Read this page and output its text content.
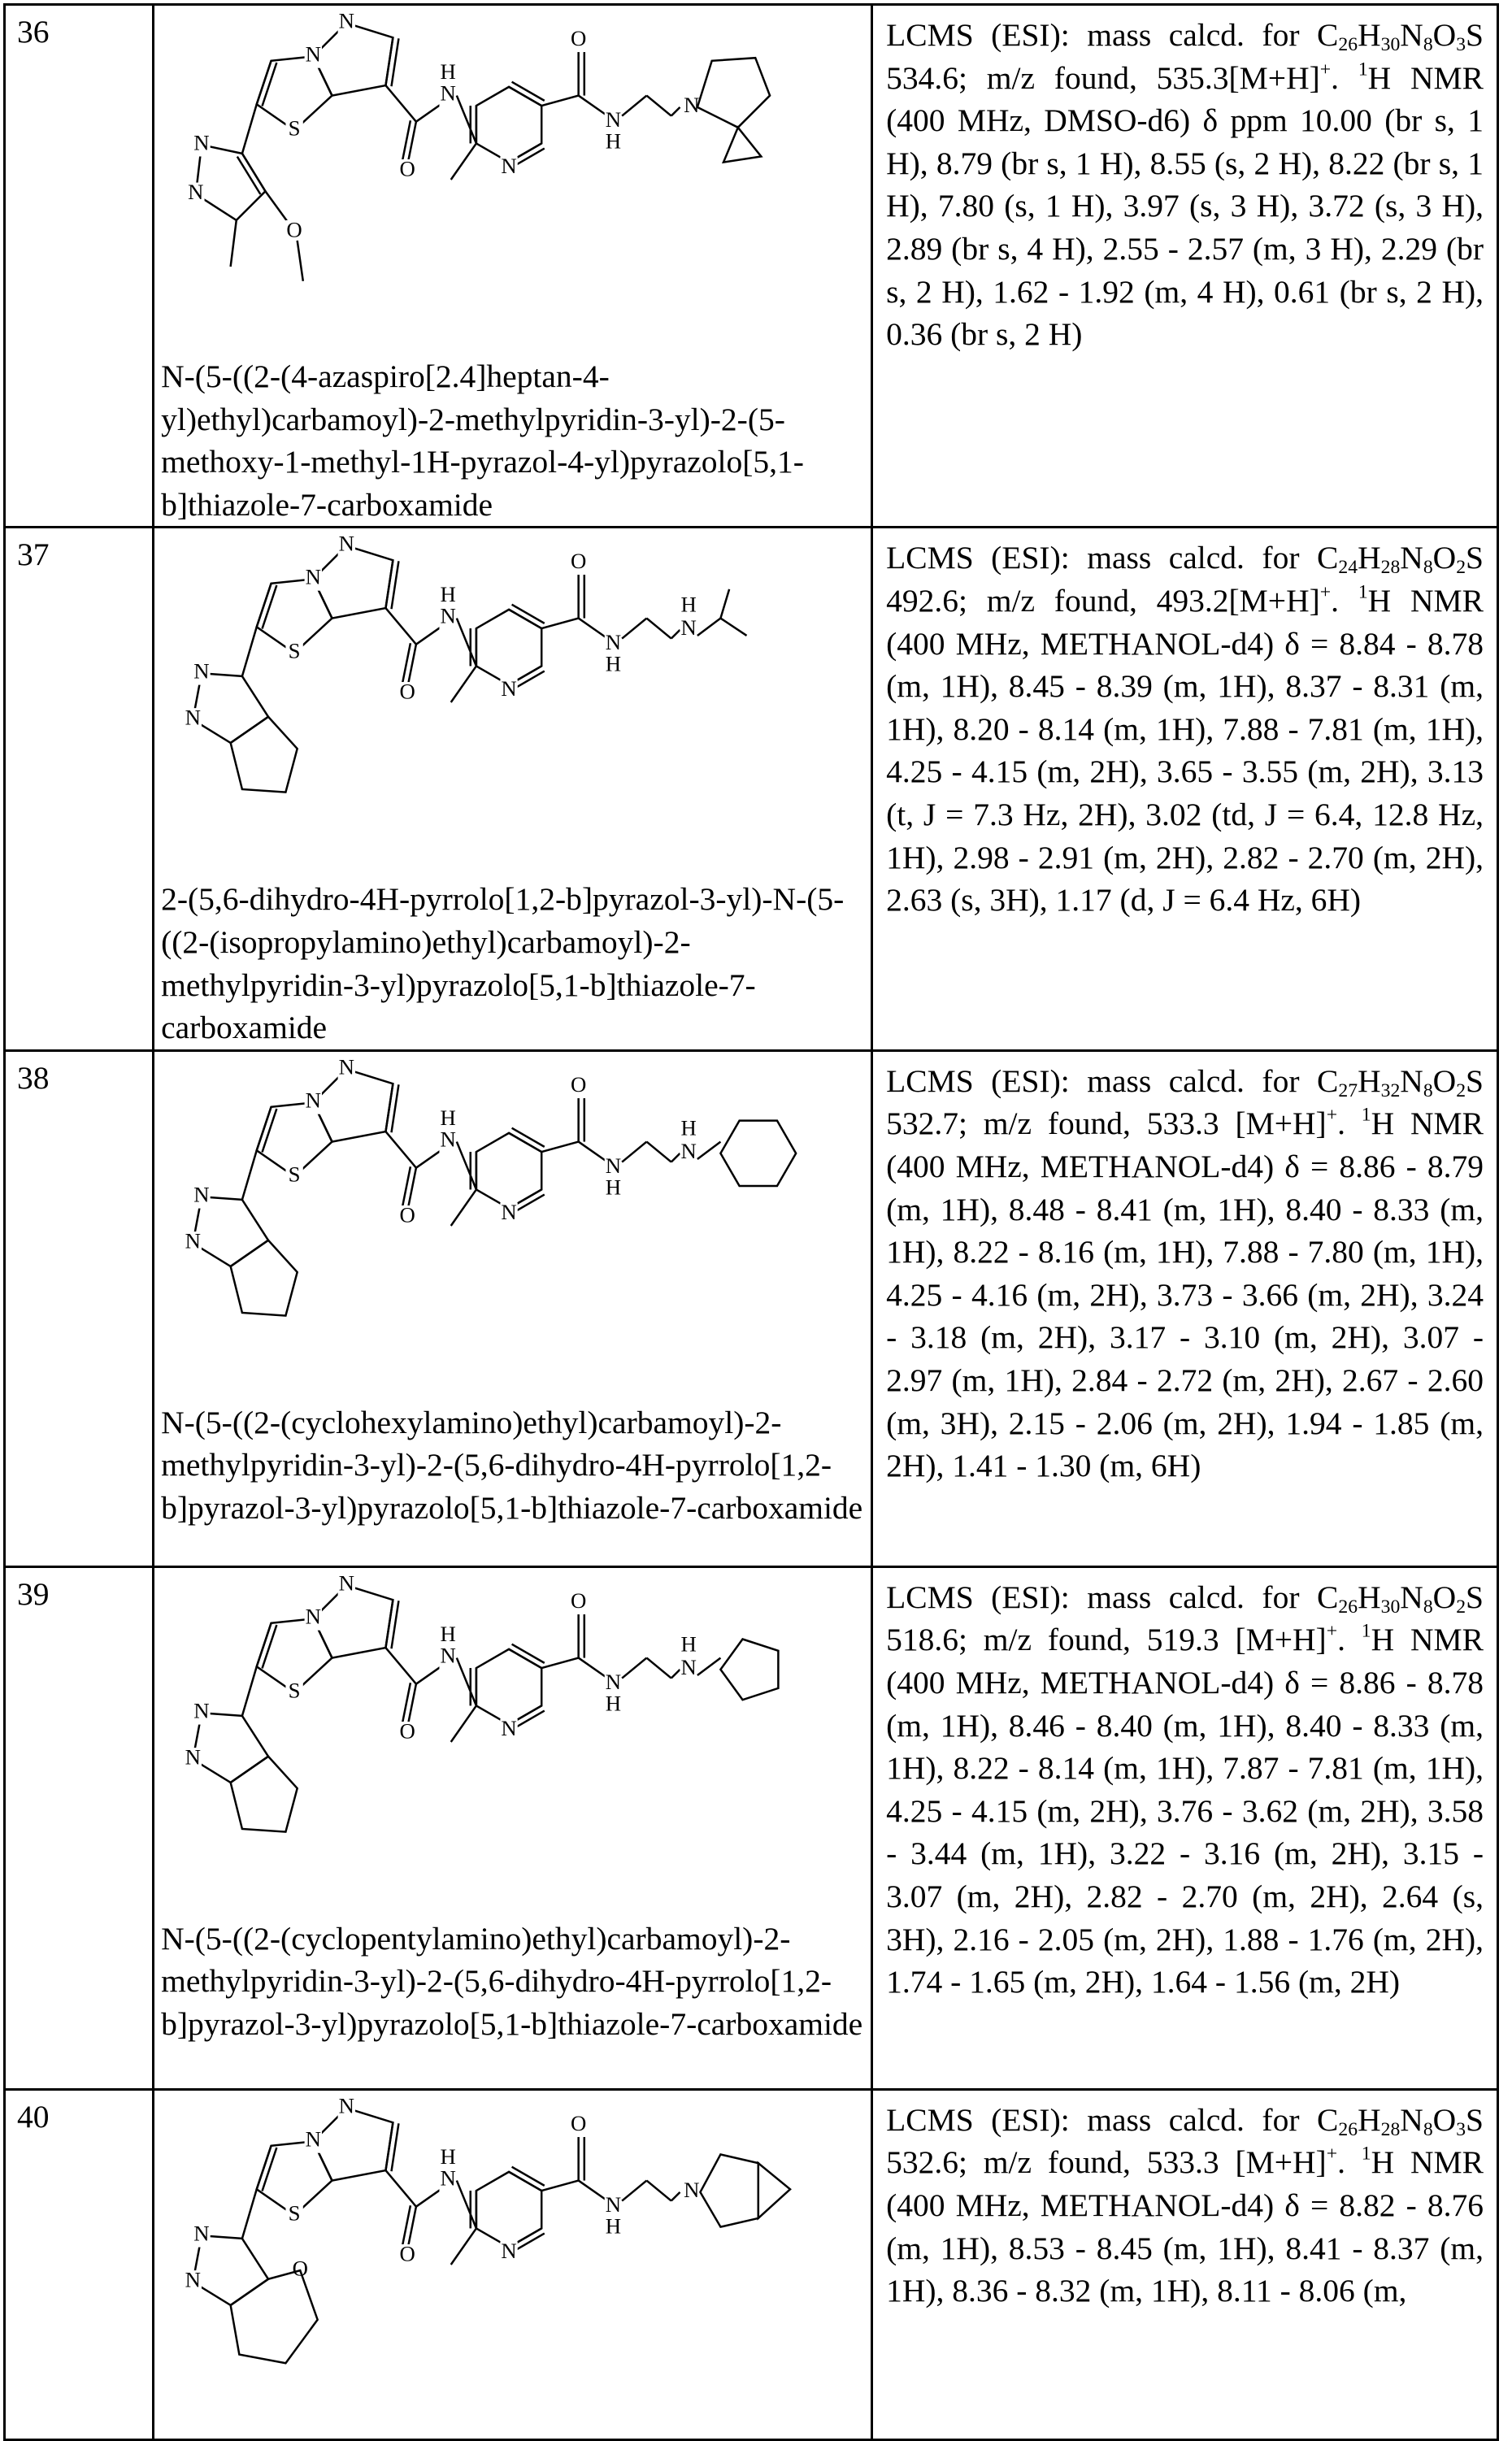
36	
N
N
S
O
N
H
N
O
N
H
N
N
N
O
N-(5-((2-(4-azaspiro[2.4]heptan-4-yl)ethyl)carbamoyl)-2-methylpyridin-3-yl)-2-(5-methoxy-1-methyl-1H-pyrazol-4-yl)pyrazolo[5,1-b]thiazole-7-carboxamide
	LCMS (ESI): mass calcd. for C26H30N8O3S 534.6; m/z found, 535.3[M+H]+. 1H NMR (400 MHz, DMSO-d6) δ ppm 10.00 (br s, 1 H), 8.79 (br s, 1 H), 8.55 (s, 2 H), 8.22 (br s, 1 H), 7.80 (s, 1 H), 3.97 (s, 3 H), 3.72 (s, 3 H), 2.89 (br s, 4 H), 2.55 - 2.57 (m, 3 H), 2.29 (br s, 2 H), 1.62 - 1.92 (m, 4 H), 0.61 (br s, 2 H), 0.36 (br s, 2 H)
37	
N
N
S
O
N
H
N
O
N
H
N
H
N
N
2-(5,6-dihydro-4H-pyrrolo[1,2-b]pyrazol-3-yl)-N-(5-((2-(isopropylamino)ethyl)carbamoyl)-2-methylpyridin-3-yl)pyrazolo[5,1-b]thiazole-7-carboxamide
	LCMS (ESI): mass calcd. for C24H28N8O2S 492.6; m/z found, 493.2[M+H]+. 1H NMR (400 MHz, METHANOL-d4) δ = 8.84 - 8.78 (m, 1H), 8.45 - 8.39 (m, 1H), 8.37 - 8.31 (m, 1H), 8.20 - 8.14 (m, 1H), 7.88 - 7.81 (m, 1H), 4.25 - 4.15 (m, 2H), 3.65 - 3.55 (m, 2H), 3.13 (t, J = 7.3 Hz, 2H), 3.02 (td, J = 6.4, 12.8 Hz, 1H), 2.98 - 2.91 (m, 2H), 2.82 - 2.70 (m, 2H), 2.63 (s, 3H), 1.17 (d, J = 6.4 Hz, 6H)
38	
N
N
S
O
N
H
N
O
N
H
N
H
N
N
N-(5-((2-(cyclohexylamino)ethyl)carbamoyl)-2-methylpyridin-3-yl)-2-(5,6-dihydro-4H-pyrrolo[1,2-b]pyrazol-3-yl)pyrazolo[5,1-b]thiazole-7-carboxamide
	LCMS (ESI): mass calcd. for C27H32N8O2S 532.7; m/z found, 533.3 [M+H]+. 1H NMR (400 MHz, METHANOL-d4) δ = 8.86 - 8.79 (m, 1H), 8.48 - 8.41 (m, 1H), 8.40 - 8.33 (m, 1H), 8.22 - 8.16 (m, 1H), 7.88 - 7.80 (m, 1H), 4.25 - 4.16 (m, 2H), 3.73 - 3.66 (m, 2H), 3.24 - 3.18 (m, 2H), 3.17 - 3.10 (m, 2H), 3.07 - 2.97 (m, 1H), 2.84 - 2.72 (m, 2H), 2.67 - 2.60 (m, 3H), 2.15 - 2.06 (m, 2H), 1.94 - 1.85 (m, 2H), 1.41 - 1.30 (m, 6H)
39	
N
N
S
O
N
H
N
O
N
H
N
H
N
N
N-(5-((2-(cyclopentylamino)ethyl)carbamoyl)-2-methylpyridin-3-yl)-2-(5,6-dihydro-4H-pyrrolo[1,2-b]pyrazol-3-yl)pyrazolo[5,1-b]thiazole-7-carboxamide
	LCMS (ESI): mass calcd. for C26H30N8O2S 518.6; m/z found, 519.3 [M+H]+. 1H NMR (400 MHz, METHANOL-d4) δ = 8.86 - 8.78 (m, 1H), 8.46 - 8.40 (m, 1H), 8.40 - 8.33 (m, 1H), 8.22 - 8.14 (m, 1H), 7.87 - 7.81 (m, 1H), 4.25 - 4.15 (m, 2H), 3.76 - 3.62 (m, 2H), 3.58 - 3.44 (m, 1H), 3.22 - 3.16 (m, 2H), 3.15 - 3.07 (m, 2H), 2.82 - 2.70 (m, 2H), 2.64 (s, 3H), 2.16 - 2.05 (m, 2H), 1.88 - 1.76 (m, 2H), 1.74 - 1.65 (m, 2H), 1.64 - 1.56 (m, 2H)
40	
N
N
S
O
N
H
N
O
N
H
N
N
N	O
	LCMS (ESI): mass calcd. for C26H28N8O3S 532.6; m/z found, 533.3 [M+H]+. 1H NMR (400 MHz, METHANOL-d4) δ = 8.82 - 8.76 (m, 1H), 8.53 - 8.45 (m, 1H), 8.41 - 8.37 (m, 1H), 8.36 - 8.32 (m, 1H), 8.11 - 8.06 (m,
